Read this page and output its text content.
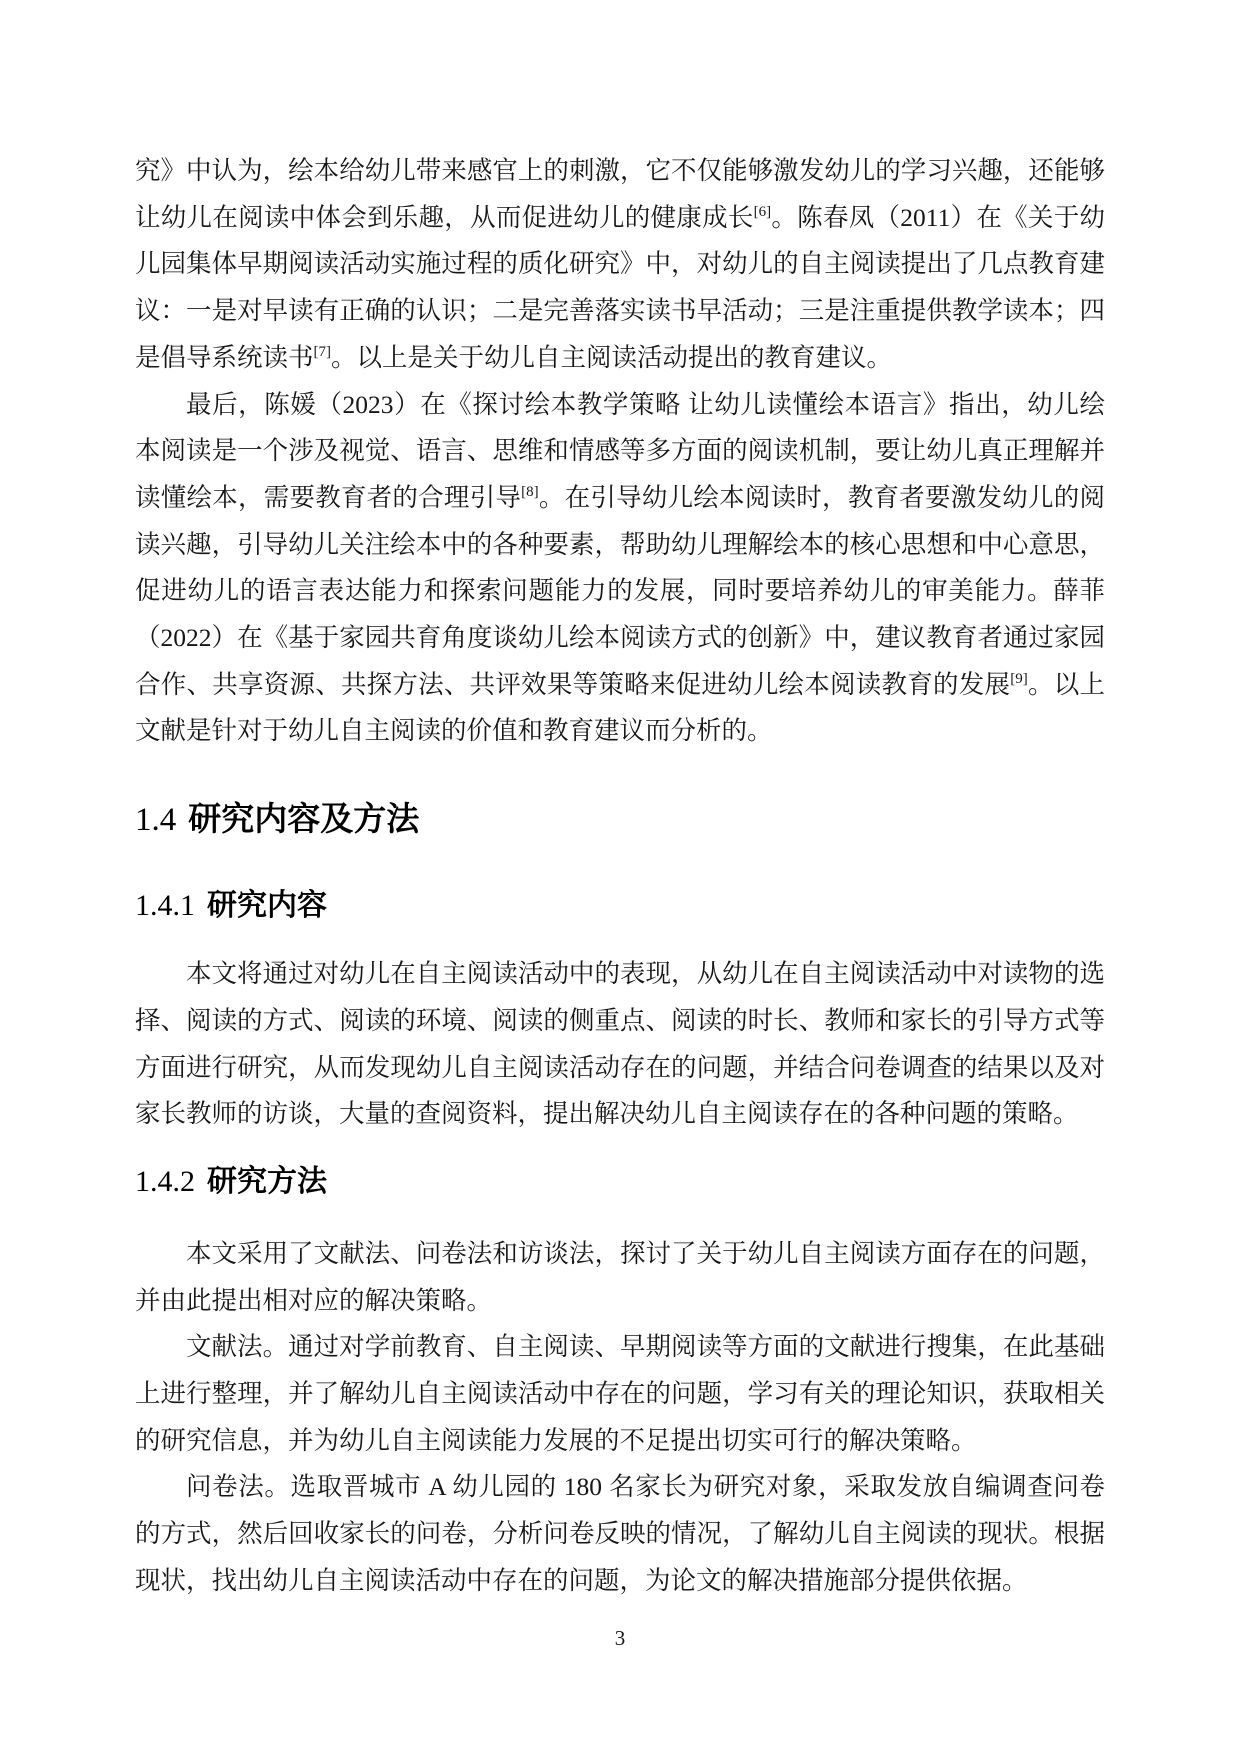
究》中认为，绘本给幼儿带来感官上的刺激，它不仅能够激发幼儿的学习兴趣，还能够让幼儿在阅读中体会到乐趣，从而促进幼儿的健康成长[6]。陈春凤（2011）在《关于幼儿园集体早期阅读活动实施过程的质化研究》中，对幼儿的自主阅读提出了几点教育建议：一是对早读有正确的认识；二是完善落实读书早活动；三是注重提供教学读本；四是倡导系统读书[7]。以上是关于幼儿自主阅读活动提出的教育建议。

最后，陈媛（2023）在《探讨绘本教学策略 让幼儿读懂绘本语言》指出，幼儿绘本阅读是一个涉及视觉、语言、思维和情感等多方面的阅读机制，要让幼儿真正理解并读懂绘本，需要教育者的合理引导[8]。在引导幼儿绘本阅读时，教育者要激发幼儿的阅读兴趣，引导幼儿关注绘本中的各种要素，帮助幼儿理解绘本的核心思想和中心意思，促进幼儿的语言表达能力和探索问题能力的发展，同时要培养幼儿的审美能力。薛菲（2022）在《基于家园共育角度谈幼儿绘本阅读方式的创新》中，建议教育者通过家园合作、共享资源、共探方法、共评效果等策略来促进幼儿绘本阅读教育的发展[9]。以上文献是针对于幼儿自主阅读的价值和教育建议而分析的。

1.4 研究内容及方法
1.4.1 研究内容

本文将通过对幼儿在自主阅读活动中的表现，从幼儿在自主阅读活动中对读物的选择、阅读的方式、阅读的环境、阅读的侧重点、阅读的时长、教师和家长的引导方式等方面进行研究，从而发现幼儿自主阅读活动存在的问题，并结合问卷调查的结果以及对家长教师的访谈，大量的查阅资料，提出解决幼儿自主阅读存在的各种问题的策略。

1.4.2 研究方法

本文采用了文献法、问卷法和访谈法，探讨了关于幼儿自主阅读方面存在的问题，并由此提出相对应的解决策略。

文献法。通过对学前教育、自主阅读、早期阅读等方面的文献进行搜集，在此基础上进行整理，并了解幼儿自主阅读活动中存在的问题，学习有关的理论知识，获取相关的研究信息，并为幼儿自主阅读能力发展的不足提出切实可行的解决策略。

问卷法。选取晋城市 A 幼儿园的 180 名家长为研究对象，采取发放自编调查问卷的方式，然后回收家长的问卷，分析问卷反映的情况，了解幼儿自主阅读的现状。根据现状，找出幼儿自主阅读活动中存在的问题，为论文的解决措施部分提供依据。

3
